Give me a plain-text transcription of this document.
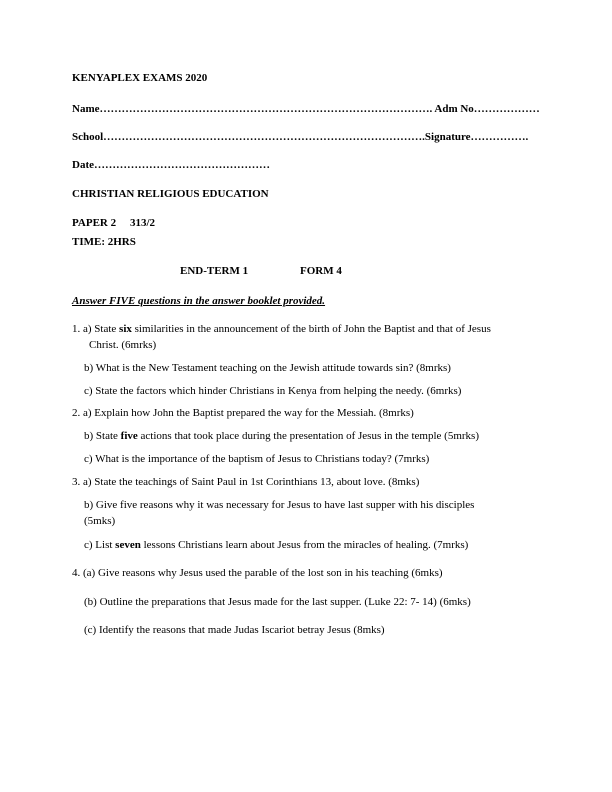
KENYAPLEX EXAMS 2020
Name………………………………………………………………………………. Adm No………………
School…………………………………………………………………………….Signature…………….
Date…………………………………………
CHRISTIAN RELIGIOUS EDUCATION
PAPER 2 313/2
TIME: 2HRS
END-TERM 1	FORM 4
Answer FIVE questions in the answer booklet provided.
1. a) State six similarities in the announcement of the birth of John the Baptist and that of Jesus
Christ. (6mrks)
b) What is the New Testament teaching on the Jewish attitude towards sin? (8mrks)
c) State the factors which hinder Christians in Kenya from helping the needy. (6mrks)
2. a) Explain how John the Baptist prepared the way for the Messiah. (8mrks)
b) State five actions that took place during the presentation of Jesus in the temple (5mrks)
c) What is the importance of the baptism of Jesus to Christians today? (7mrks)
3. a) State the teachings of Saint Paul in 1st Corinthians 13, about love. (8mks)
b) Give five reasons why it was necessary for Jesus to have last supper with his disciples
(5mks)
c) List seven lessons Christians learn about Jesus from the miracles of healing. (7mrks)
4. (a) Give reasons why Jesus used the parable of the lost son in his teaching (6mks)
(b) Outline the preparations that Jesus made for the last supper. (Luke 22: 7- 14) (6mks)
(c) Identify the reasons that made Judas Iscariot betray Jesus (8mks)
